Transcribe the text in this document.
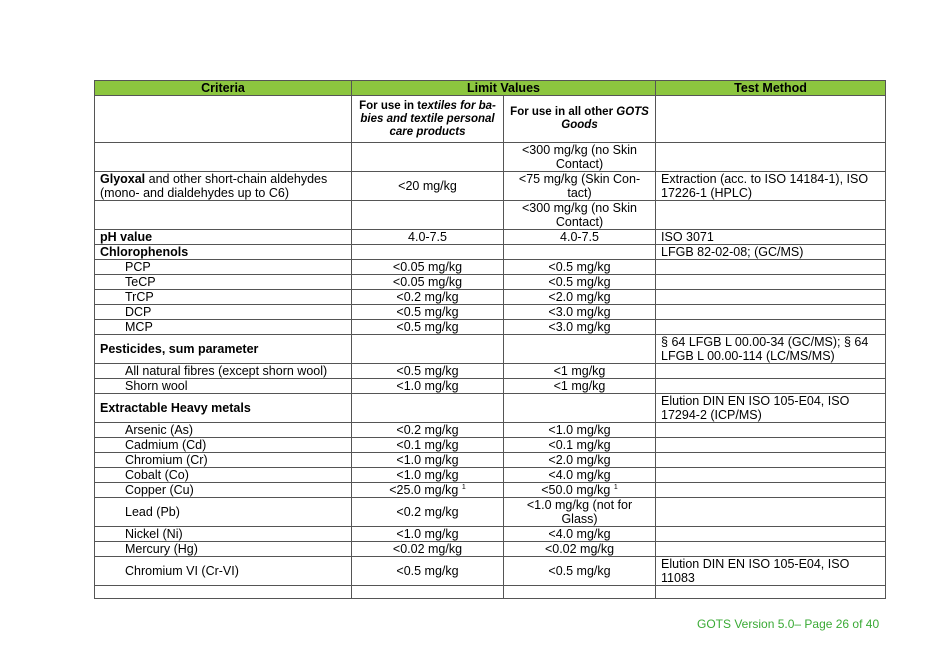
Criteria	Limit Values		Test Method
	For use in textiles for ba-bies and textile personal care products	For use in all other GOTS Goods	
		<300 mg/kg (no Skin Contact)	
Glyoxal and other short-chain aldehydes (mono- and dialdehydes up to C6)	<20 mg/kg	<75 mg/kg (Skin Con-tact)	Extraction (acc. to ISO 14184-1), ISO 17226-1 (HPLC)
		<300 mg/kg (no Skin Contact)	
pH value	4.0-7.5	4.0-7.5	ISO 3071
Chlorophenols			LFGB 82-02-08; (GC/MS)
PCP	<0.05 mg/kg	<0.5 mg/kg	
TeCP	<0.05 mg/kg	<0.5 mg/kg	
TrCP	<0.2 mg/kg	<2.0 mg/kg	
DCP	<0.5 mg/kg	<3.0 mg/kg	
MCP	<0.5 mg/kg	<3.0 mg/kg	
Pesticides, sum parameter			§ 64 LFGB L 00.00-34 (GC/MS); § 64 LFGB L 00.00-114 (LC/MS/MS)
All natural fibres (except shorn wool)	<0.5 mg/kg	<1 mg/kg	
Shorn wool	<1.0 mg/kg	<1 mg/kg	
Extractable Heavy metals			Elution DIN EN ISO 105-E04, ISO 17294-2 (ICP/MS)
Arsenic (As)	<0.2 mg/kg	<1.0 mg/kg	
Cadmium (Cd)	<0.1 mg/kg	<0.1 mg/kg	
Chromium (Cr)	<1.0 mg/kg	<2.0 mg/kg	
Cobalt (Co)	<1.0 mg/kg	<4.0 mg/kg	
Copper (Cu)	<25.0 mg/kg $^1$	<50.0 mg/kg $^1$	
Lead (Pb)	<0.2 mg/kg	<1.0 mg/kg (not for Glass)	
Nickel (Ni)	<1.0 mg/kg	<4.0 mg/kg	
Mercury (Hg)	<0.02 mg/kg	<0.02 mg/kg	
Chromium VI (Cr-VI)	<0.5 mg/kg	<0.5 mg/kg	Elution DIN EN ISO 105-E04, ISO 11083

GOTS Version 5.0– Page 26 of 40
